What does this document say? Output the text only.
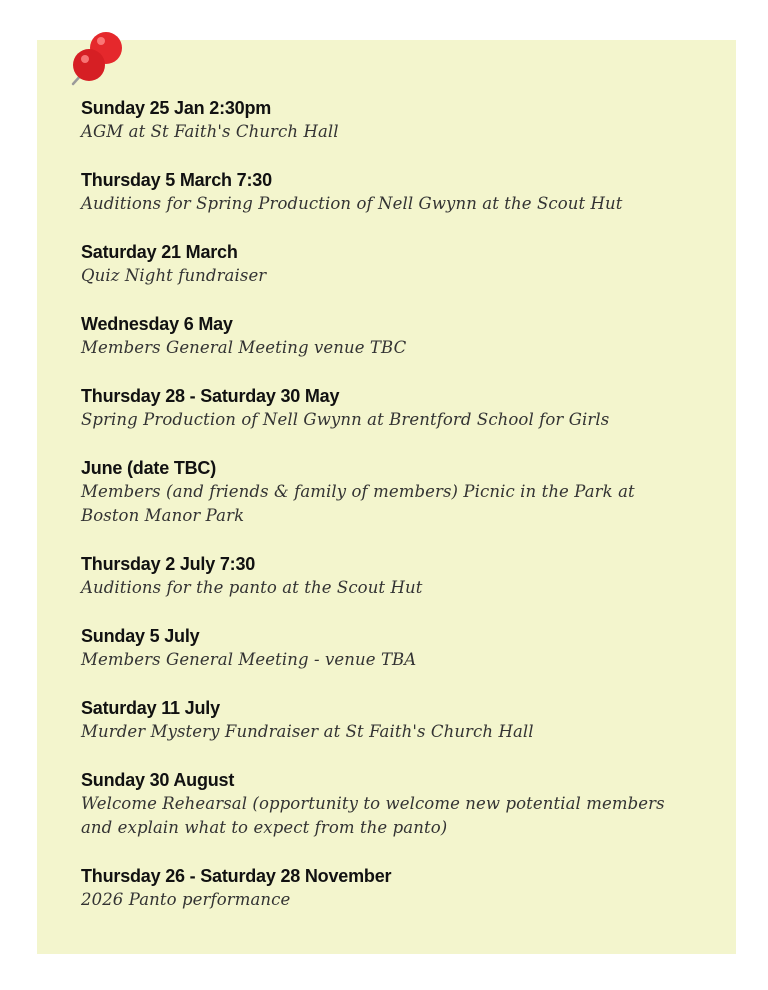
Sunday 25 Jan 2:30pm
AGM at St Faith's Church Hall
Thursday 5 March 7:30
Auditions for Spring Production of Nell Gwynn at the Scout Hut
Saturday 21 March
Quiz Night fundraiser
Wednesday 6 May
Members General Meeting venue TBC
Thursday 28 - Saturday 30 May
Spring Production of Nell Gwynn at Brentford School for Girls
June (date TBC)
Members (and friends & family of members) Picnic in the Park at Boston Manor Park
Thursday 2 July 7:30
Auditions for the panto at the Scout Hut
Sunday 5 July
Members General Meeting - venue TBA
Saturday 11 July
Murder Mystery Fundraiser at St Faith's Church Hall
Sunday 30 August
Welcome Rehearsal (opportunity to welcome new potential members and explain what to expect from the panto)
Thursday 26 - Saturday 28 November
2026 Panto performance
